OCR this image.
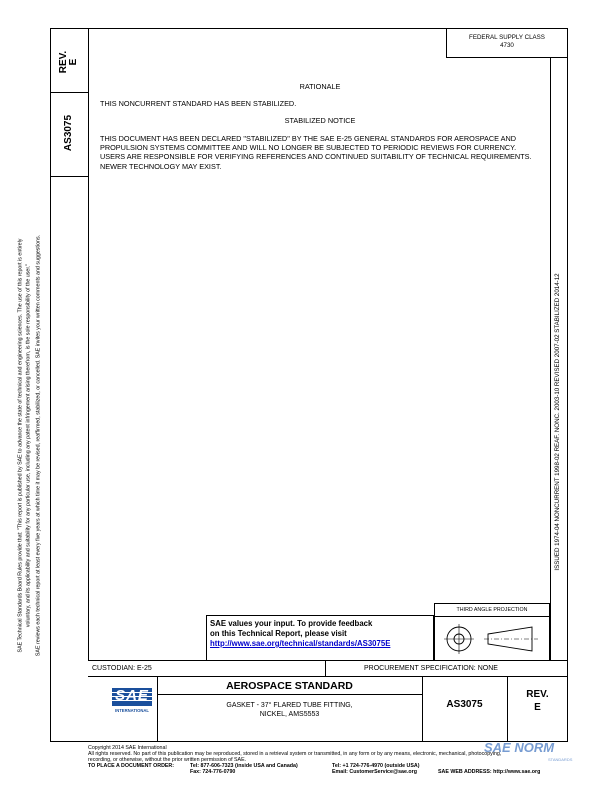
REV. E
AS3075
FEDERAL SUPPLY CLASS
4730
RATIONALE
THIS NONCURRENT STANDARD HAS BEEN STABILIZED.
STABILIZED NOTICE
THIS DOCUMENT HAS BEEN DECLARED "STABILIZED" BY THE SAE E-25 GENERAL STANDARDS FOR AEROSPACE AND PROPULSION SYSTEMS COMMITTEE AND WILL NO LONGER BE SUBJECTED TO PERIODIC REVIEWS FOR CURRENCY. USERS ARE RESPONSIBLE FOR VERIFYING REFERENCES AND CONTINUED SUITABILITY OF TECHNICAL REQUIREMENTS. NEWER TECHNOLOGY MAY EXIST.
ISSUED 1974-04 NONCURRENT 1998-02 REAF. NONC. 2003-10 REVISED 2007-02 STABILIZED 2014-12
SAE Technical Standards Board Rules provide that: "This report is published by SAE to advance the state of technical and engineering sciences. The use of this report is entirely voluntary, and its applicability and suitability for any particular use, including any patent infringement arising therefrom, is the sole responsibility of the user." SAE reviews each technical report at least every five years at which time it may be revised, reaffirmed, stabilized, or cancelled. SAE invites your written comments and suggestions.	SAE values your input. To provide feedback
on this Technical Report, please visit
http://www.sae.org/technical/standards/AS3075E
THIRD ANGLE PROJECTION
CUSTODIAN: E-25	PROCUREMENT SPECIFICATION: NONE
SAE
INTERNATIONAL
AEROSPACE STANDARD
GASKET - 37° FLARED TUBE FITTING,
NICKEL, AMS5553
AS3075
REV.
E
Copyright 2014 SAE International
All rights reserved. No part of this publication may be reproduced, stored in a retrieval system or transmitted, in any form or by any means, electronic, mechanical, photocopying,
recording, or otherwise, without the prior written permission of SAE.
TO PLACE A DOCUMENT ORDER:	Tel: 877-606-7323 (inside USA and Canada)
Fax: 724-776-0790
Tel: +1 724-776-4970 (outside USA)
Email: CustomerService@sae.org	SAE WEB ADDRESS: http://www.sae.org
SAE NORM
STANDARDS
